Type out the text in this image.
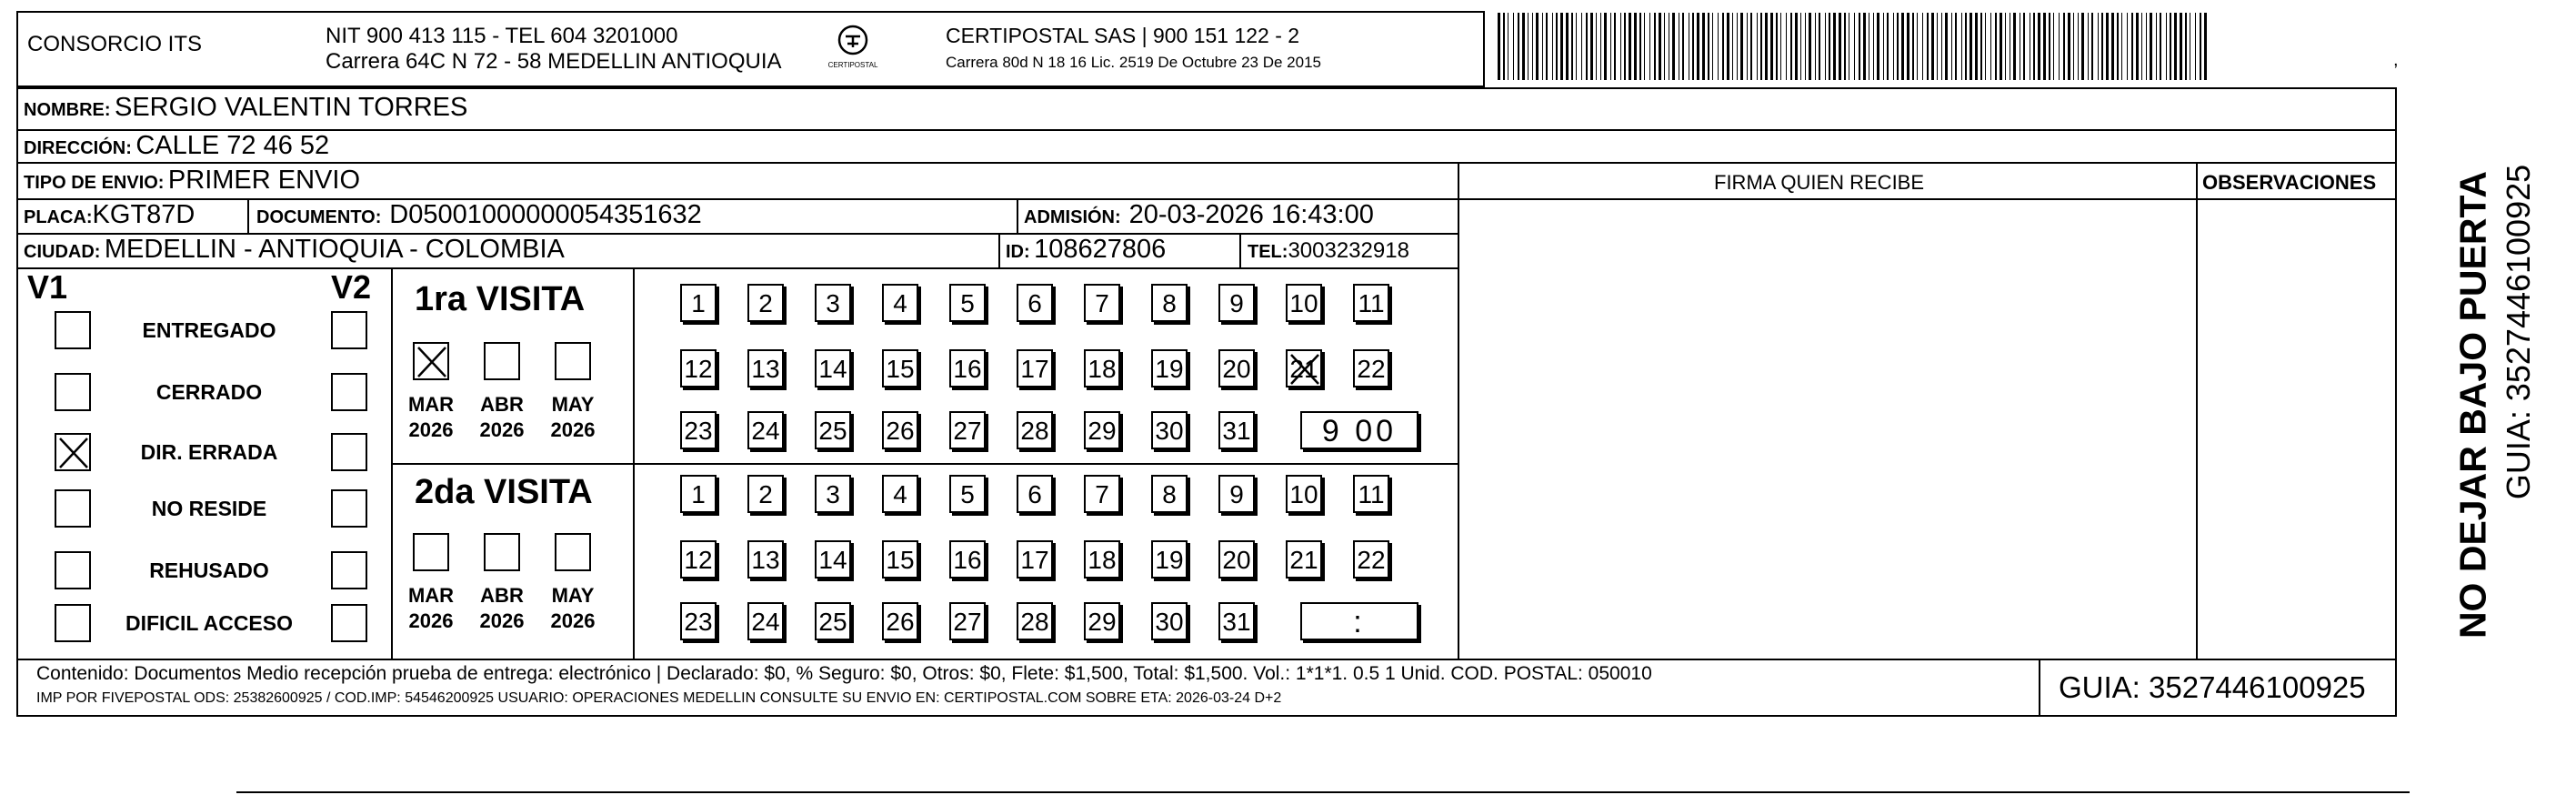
CONSORCIO ITS	NIT 900 413 115 - TEL 604 3201000
Carrera 64C N 72 - 58 MEDELLIN ANTIOQUIA	CERTIPOSTAL
CERTIPOSTAL SAS | 900 151 122 - 2
Carrera 80d N 18 16 Lic. 2519 De Octubre 23 De 2015	,
NOMBRE: SERGIO VALENTIN TORRES
DIRECCIÓN: CALLE 72 46 52
TIPO DE ENVIO: PRIMER ENVIO
PLACA:KGT87D	DOCUMENTO: D05001000000054351632	ADMISIÓN: 20-03-2026 16:43:00
CIUDAD: MEDELLIN - ANTIOQUIA - COLOMBIA	ID: 108627806	TEL:3003232918
FIRMA QUIEN RECIBE	OBSERVACIONES
V1	V2
ENTREGADO
CERRADO
DIR. ERRADA
NO RESIDE
REHUSADO
DIFICIL ACCESO
1ra VISITA
MAR
2026
ABR
2026
MAY
2026
1	2	3	4	5	6	7	8	9	10 11
12 13 14 15 16 17 18 19 20 21 22
23 24 25 26 27 28 29 30 31	9 00
2da VISITA
MAR
2026
ABR
2026
MAY
2026
1	2	3	4	5	6	7	8	9	10 11
12 13 14 15 16 17 18 19 20 21 22
23 24 25 26 27 28 29 30 31	:
Contenido: Documentos Medio recepción prueba de entrega: electrónico | Declarado: $0, % Seguro: $0, Otros: $0, Flete: $1,500, Total: $1,500. Vol.: 1*1*1. 0.5 1 Unid. COD. POSTAL: 050010
IMP POR FIVEPOSTAL ODS: 25382600925 / COD.IMP: 54546200925 USUARIO: OPERACIONES MEDELLIN CONSULTE SU ENVIO EN: CERTIPOSTAL.COM SOBRE ETA: 2026-03-24 D+2	GUIA: 3527446100925
NO DEJAR BAJO PUERTA GUIA: 3527446100925
